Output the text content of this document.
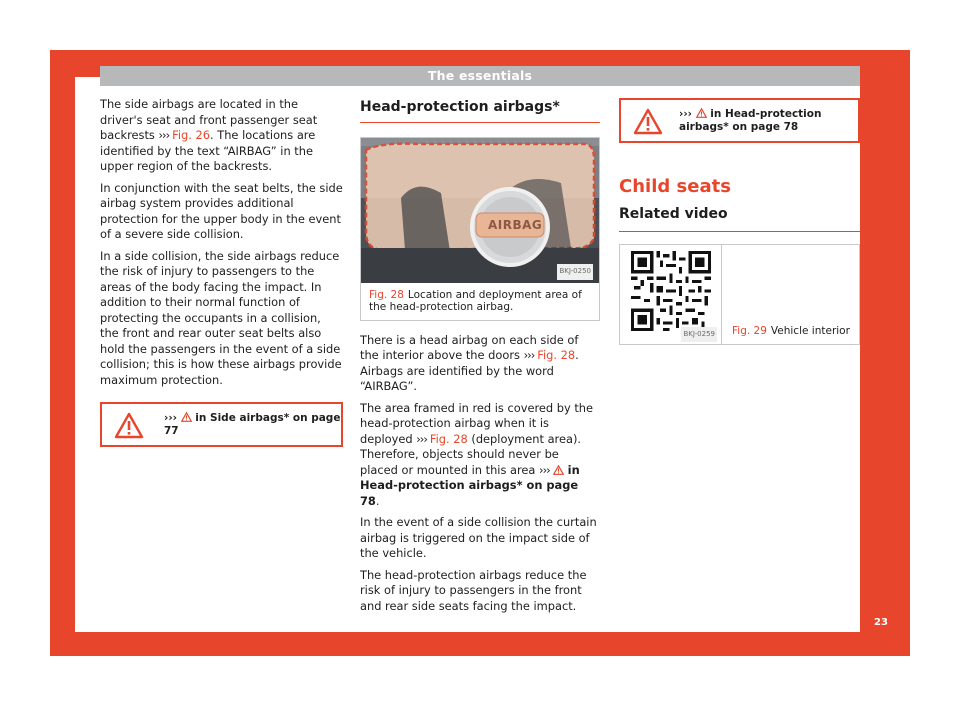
The essentials

The side airbags are located in the driver's seat and front passenger seat backrests ››› Fig. 26. The locations are identified by the text “AIRBAG” in the upper region of the backrests.

In conjunction with the seat belts, the side airbag system provides additional protection for the upper body in the event of a severe side collision.

In a side collision, the side airbags reduce the risk of injury to passengers to the areas of the body facing the impact. In addition to their normal function of protecting the occupants in a collision, the front and rear outer seat belts also hold the passengers in the event of a side collision; this is how these airbags provide maximum protection.

›››  in Side airbags* on page 77
Head-protection airbags*
AIRBAG
BKJ-0250
Fig. 28 Location and deployment area of the head-protection airbag.

There is a head airbag on each side of the interior above the doors ››› Fig. 28. Airbags are identified by the word “AIRBAG”.

The area framed in red is covered by the head-protection airbag when it is deployed ››› Fig. 28 (deployment area). Therefore, objects should never be placed or mounted in this area ››› in Head-protection airbags* on page 78.

In the event of a side collision the curtain airbag is triggered on the impact side of the vehicle.

The head-protection airbags reduce the risk of injury to passengers in the front and rear side seats facing the impact.

›››  in Head-protection airbags* on page 78
Child seats
Related video
BKJ-0259 Fig. 29 Vehicle interior
23
